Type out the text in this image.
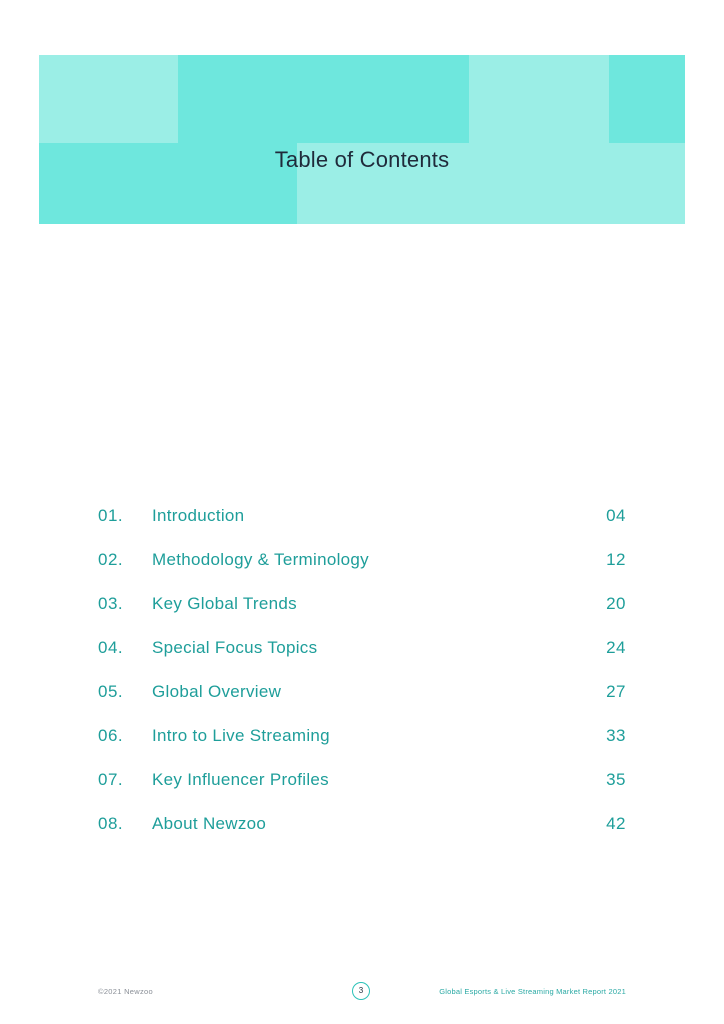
Table of Contents
01. Introduction	04
02. Methodology & Terminology	12
03. Key Global Trends	20
04. Special Focus Topics	24
05. Global Overview	27
06. Intro to Live Streaming	33
07. Key Influencer Profiles	35
08. About Newzoo	42
©2021 Newzoo	3	Global Esports & Live Streaming Market Report 2021
